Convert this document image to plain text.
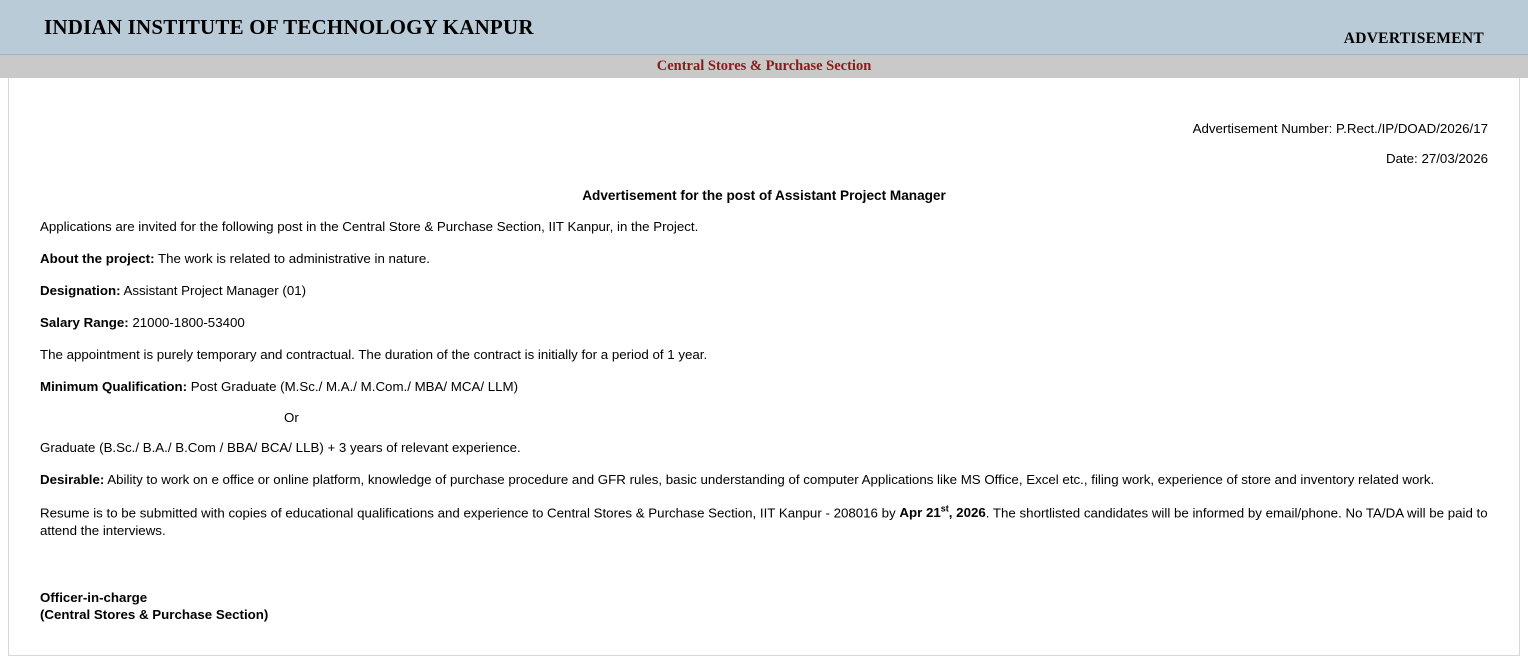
INDIAN INSTITUTE OF TECHNOLOGY KANPUR	ADVERTISEMENT
Central Stores & Purchase Section
Advertisement Number: P.Rect./IP/DOAD/2026/17
Date: 27/03/2026
Advertisement for the post of Assistant Project Manager

Applications are invited for the following post in the Central Store & Purchase Section, IIT Kanpur, in the Project.

About the project: The work is related to administrative in nature.

Designation: Assistant Project Manager (01)

Salary Range: 21000-1800-53400

The appointment is purely temporary and contractual. The duration of the contract is initially for a period of 1 year.

Minimum Qualification: Post Graduate (M.Sc./ M.A./ M.Com./ MBA/ MCA/ LLM)

Or

Graduate (B.Sc./ B.A./ B.Com / BBA/ BCA/ LLB) + 3 years of relevant experience.

Desirable: Ability to work on e office or online platform, knowledge of purchase procedure and GFR rules, basic understanding of computer Applications like MS Office, Excel etc., filing work, experience of store and inventory related work.

Resume is to be submitted with copies of educational qualifications and experience to Central Stores & Purchase Section, IIT Kanpur - 208016 by Apr 21st, 2026. The shortlisted candidates will be informed by email/phone. No TA/DA will be paid to attend the interviews.

Officer-in-charge
(Central Stores & Purchase Section)
